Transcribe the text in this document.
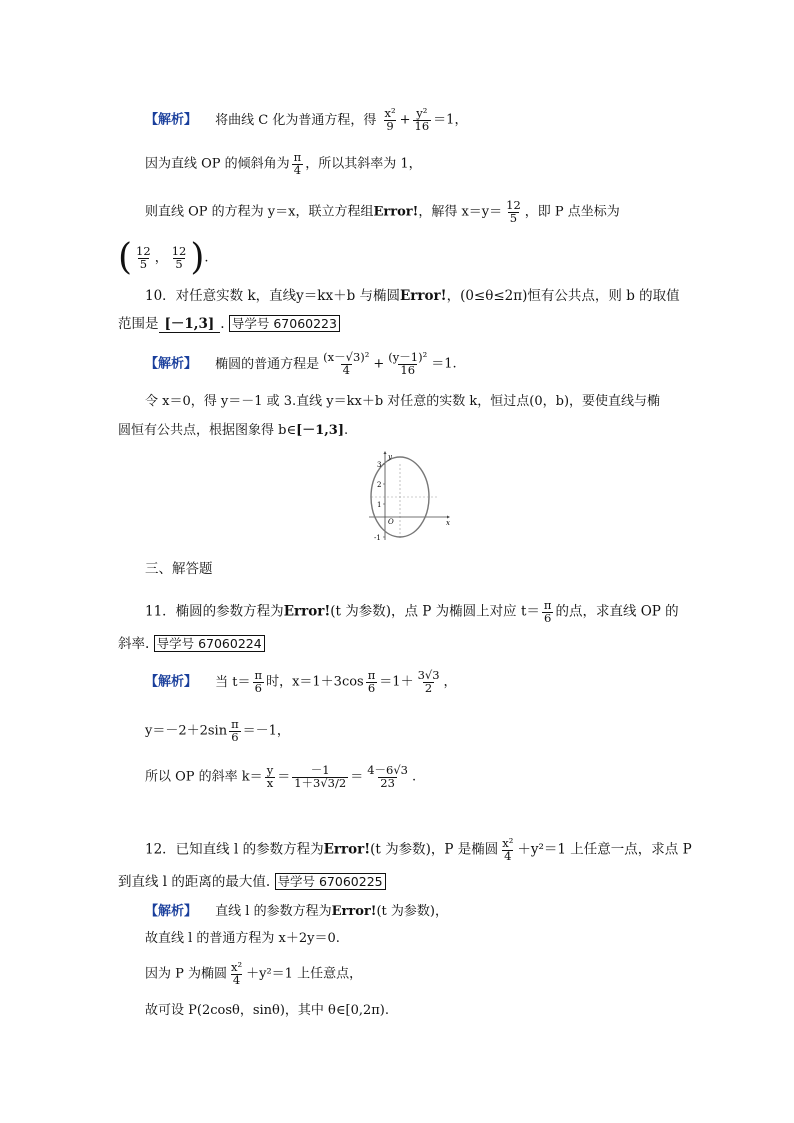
【解析】 将曲线 C 化为普通方程，得 $\frac{\text{x²}}{9} + \frac{\text{y²}}{16} =1$，
因为直线 OP 的倾斜角为 $\frac{\pi}{4}$ ，所以其斜率为 1，
则直线 OP 的方程为 y＝x，联立方程组Error!，解得 $x=y= \frac{12}{5}$ ，即 P 点坐标为
( $\frac{12}{5}$ ， $\frac{12}{5}$ ).
10．对任意实数 k，直线y＝kx＋b 与椭圆Error!，(0≤θ≤2π)恒有公共点，则 b 的取值
范围是 [－1,3] . 导学号 67060223
【解析】 椭圆的普通方程是 $\frac{\text{(x－√3)²}}{4} + \frac{\text{(y－1)²}}{16} =1$.
令 x＝0，得 y＝－1 或 3.直线 y＝kx＋b 对任意的实数 k，恒过点(0，b)，要使直线与椭
圆恒有公共点，根据图象得 b∈[－1,3].
y
x
O
3
2
1
-1
三、解答题
11．椭圆的参数方程为Error!(t 为参数)，点 P 为椭圆上对应 $t= \frac{\pi}{6}$ 的点，求直线 OP 的
斜率. 导学号 67060224
【解析】 当 $t= \frac{\pi}{6}$ 时，$x=1+3\cos \frac{\pi}{6} =1+ \frac{3√3}{2}$ ，
$y=-2+2\sin \frac{\pi}{6} =-1$，
所以 OP 的斜率 $k= \frac{y}{x} = \frac{-1}{1+3√3/2} = \frac{4-6√3}{23}$ .
12．已知直线 l 的参数方程为Error!(t 为参数)，P 是椭圆 $\frac{\text{x²}}{4} +y^2=1$ 上任意一点，求点 P
到直线 l 的距离的最大值. 导学号 67060225
【解析】 直线 l 的参数方程为Error!(t 为参数)，
故直线 l 的普通方程为 x＋2y＝0.
因为 P 为椭圆 $\frac{\text{x²}}{4} +y^2=1$ 上任意点，
故可设 P(2cosθ，sinθ)，其中 θ∈[0,2π).
